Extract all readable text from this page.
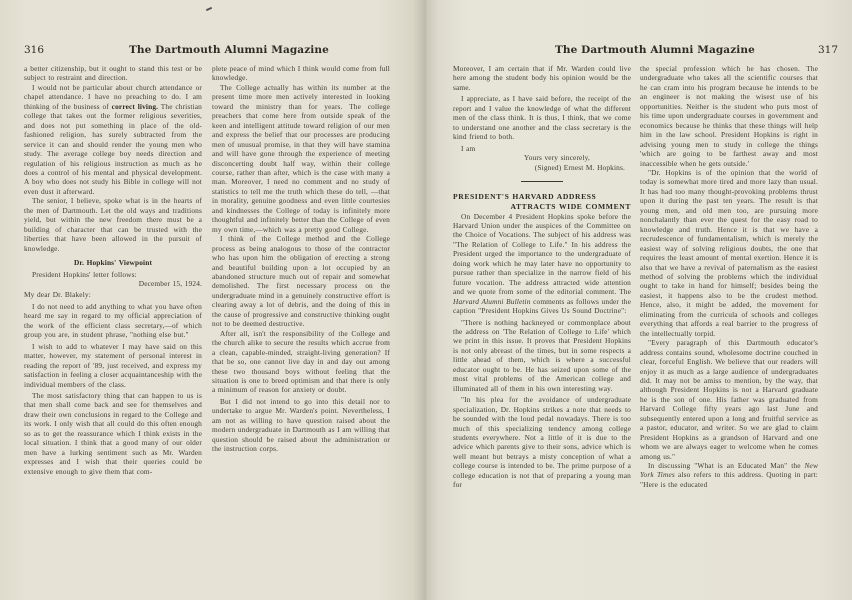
316	The Dartmouth Alumni Magazine

a better citizenship, but it ought to stand this test or be subject to restraint and direction.

I would not be particular about church attendance or chapel attendance. I have no preaching to do. I am thinking of the business of correct living. The christian college that takes out the former religious severities, and does not put something in place of the old-fashioned religion, has surely subtracted from the service it can and should render the young men who study. The average college boy needs direction and regulation of his religious instruction as much as he does a control of his mental and physical development. A boy who does not study his Bible in college will not even dust it afterward.

The senior, I believe, spoke what is in the hearts of the men of Dartmouth. Let the old ways and traditions yield, but within the new freedom there must be a building of character that can be trusted with the liberties that have been allowed in the pursuit of knowledge.

Dr. Hopkins' Viewpoint

President Hopkins' letter follows:

December 15, 1924.

My dear Dr. Blakely:

I do not need to add anything to what you have often heard me say in regard to my official appreciation of the work of the efficient class secretary,—of which group you are, in student phrase, "nothing else but."

I wish to add to whatever I may have said on this matter, however, my statement of personal interest in reading the report of '89, just received, and express my satisfaction in feeling a closer acquaintanceship with the individual members of the class.

The most satisfactory thing that can happen to us is that men shall come back and see for themselves and draw their own conclusions in regard to the College and its work. I only wish that all could do this often enough so as to get the reassurance which I think exists in the local situation. I think that a good many of our older men have a lurking sentiment such as Mr. Warden expresses and I wish that their queries could be extensive enough to give them that com-

plete peace of mind which I think would come from full knowledge.

The College actually has within its number at the present time more men actively interested in looking toward the ministry than for years. The college preachers that come here from outside speak of the keen and intelligent attitude toward religion of our men and express the belief that our processes are producing men of unusual promise, in that they will have stamina and will have gone through the experience of meeting disconcerting doubt half way, within their college course, rather than after, which is the case with many a man. Moreover, I need no comment and no study of statistics to tell me the truth which these do tell, —that in morality, genuine goodness and even little courtesies and kindnesses the College of today is infinitely more thoughtful and infinitely better than the College of even my own time,—which was a pretty good College.

I think of the College method and the College process as being analogous to those of the contractor who has upon him the obligation of erecting a strong and beautiful building upon a lot occupied by an abandoned structure much out of repair and somewhat demolished. The first necessary process on the undergraduate mind in a genuinely constructive effort is clearing away a lot of debris, and the doing of this in the cause of progressive and constructive thinking ought not to be deemed destructive.

After all, isn't the responsibility of the College and the church alike to secure the results which accrue from a clean, capable-minded, straight-living generation? If that be so, one cannot live day in and day out among these two thousand boys without feeling that the situation is one to breed optimism and that there is only a minimum of reason for anxiety or doubt.

But I did not intend to go into this detail nor to undertake to argue Mr. Warden's point. Nevertheless, I am not as willing to have question raised about the modern undergraduate in Dartmouth as I am willing that question should be raised about the administration or the instruction corps.

The Dartmouth Alumni Magazine	317

Moreover, I am certain that if Mr. Warden could live here among the student body his opinion would be the same.

I appreciate, as I have said before, the receipt of the report and I value the knowledge of what the different men of the class think. It is thus, I think, that we come to understand one another and the class secretary is the kind friend to both.

I am

Yours very sincerely,

(Signed) Ernest M. Hopkins.

PRESIDENT'S HARVARD ADDRESS

ATTRACTS WIDE COMMENT

On December 4 President Hopkins spoke before the Harvard Union under the auspices of the Committee on the Choice of Vocations. The subject of his address was "The Relation of College to Life." In his address the President urged the importance to the undergraduate of doing work which he may later have no opportunity to pursue rather than specialize in the narrow field of his future vocation. The address attracted wide attention and we quote from some of the editorial comment. The Harvard Alumni Bulletin comments as follows under the caption "President Hopkins Gives Us Sound Doctrine":

"There is nothing hackneyed or commonplace about the address on 'The Relation of College to Life' which we print in this issue. It proves that President Hopkins is not only abreast of the times, but in some respects a little ahead of them, which is where a successful educator ought to be. He has seized upon some of the most vital problems of the American college and illuminated all of them in his own interesting way.

"In his plea for the avoidance of undergraduate specialization, Dr. Hopkins strikes a note that needs to be sounded with the loud pedal nowadays. There is too much of this specializing tendency among college students everywhere. Not a little of it is due to the advice which parents give to their sons, advice which is well meant but betrays a misty conception of what a college course is intended to be. The prime purpose of a college education is not that of preparing a young man for

the special profession which he has chosen. The undergraduate who takes all the scientific courses that he can cram into his program because he intends to be an engineer is not making the wisest use of his opportunities. Neither is the student who puts most of his time upon undergraduate courses in government and economics because he thinks that these things will help him in the law school. President Hopkins is right in advising young men to study in college the things 'which are going to be farthest away and most inaccessible when he gets outside.'

"Dr. Hopkins is of the opinion that the world of today is somewhat more tired and more lazy than usual. It has had too many thought-provoking problems thrust upon it during the past ten years. The result is that young men, and old men too, are pursuing more nonchalantly than ever the quest for the easy road to knowledge and truth. Hence it is that we have a recrudescence of fundamentalism, which is merely the easiest way of solving religious doubts, the one that requires the least amount of mental exertion. Hence it is also that we have a revival of paternalism as the easiest method of solving the problems which the individual ought to take in hand for himself; besides being the easiest, it happens also to be the crudest method. Hence, also, it might be added, the movement for eliminating from the curricula of schools and colleges everything that affords a real barrier to the progress of the intellectually torpid.

"Every paragraph of this Dartmouth educator's address contains sound, wholesome doctrine couched in clear, forceful English. We believe that our readers will enjoy it as much as a large audience of undergraduates did. It may not be amiss to mention, by the way, that although President Hopkins is not a Harvard graduate he is the son of one. His father was graduated from Harvard College fifty years ago last June and subsequently entered upon a long and fruitful service as a pastor, educator, and writer. So we are glad to claim President Hopkins as a grandson of Harvard and one whom we are always eager to welcome when he comes among us."

In discussing "What is an Educated Man" the New York Times also refers to this address. Quoting in part: "Here is the educated
